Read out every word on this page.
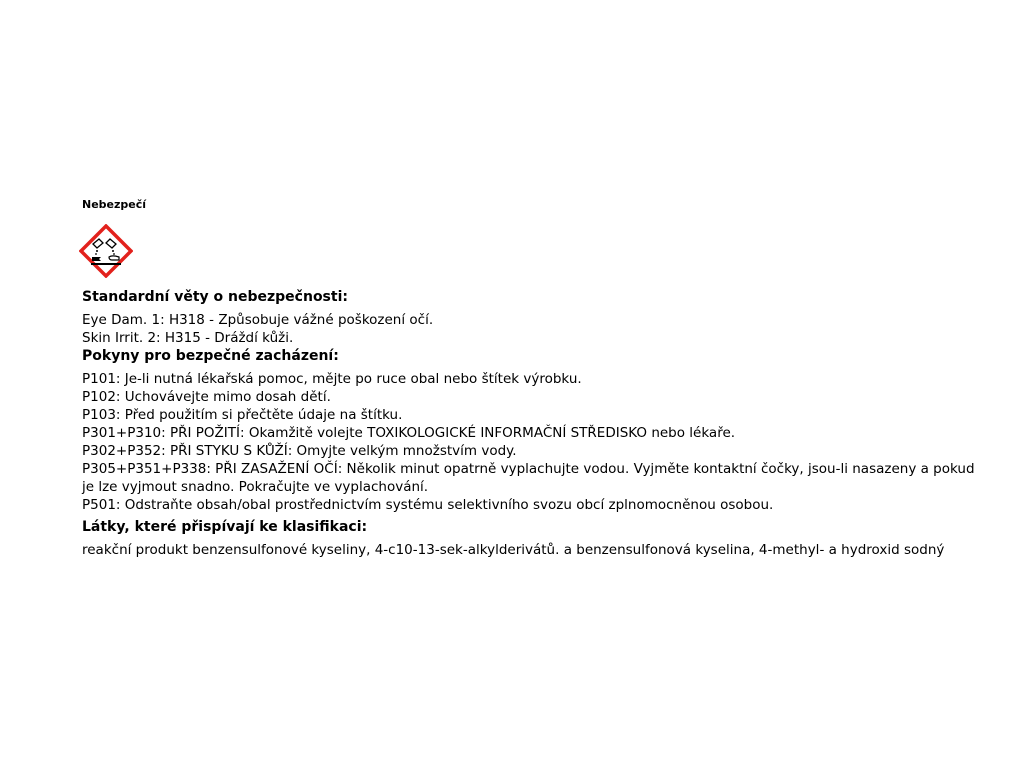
Nebezpečí

Standardní věty o nebezpečnosti:
Eye Dam. 1: H318 - Způsobuje vážné poškození očí.
Skin Irrit. 2: H315 - Dráždí kůži.
Pokyny pro bezpečné zacházení:
P101: Je-li nutná lékařská pomoc, mějte po ruce obal nebo štítek výrobku.
P102: Uchovávejte mimo dosah dětí.
P103: Před použitím si přečtěte údaje na štítku.
P301+P310: PŘI POŽITÍ: Okamžitě volejte TOXIKOLOGICKÉ INFORMAČNÍ STŘEDISKO nebo lékaře.
P302+P352: PŘI STYKU S KŮŽÍ: Omyjte velkým množstvím vody.
P305+P351+P338: PŘI ZASAŽENÍ OČÍ: Několik minut opatrně vyplachujte vodou. Vyjměte kontaktní čočky, jsou-li nasazeny a pokud je lze vyjmout snadno. Pokračujte ve vyplachování.
P501: Odstraňte obsah/obal prostřednictvím systému selektivního svozu obcí zplnomocněnou osobou.
Látky, které přispívají ke klasifikaci:

reakční produkt benzensulfonové kyseliny, 4-c10-13-sek-alkylderivátů. a benzensulfonová kyselina, 4-methyl- a hydroxid sodný
